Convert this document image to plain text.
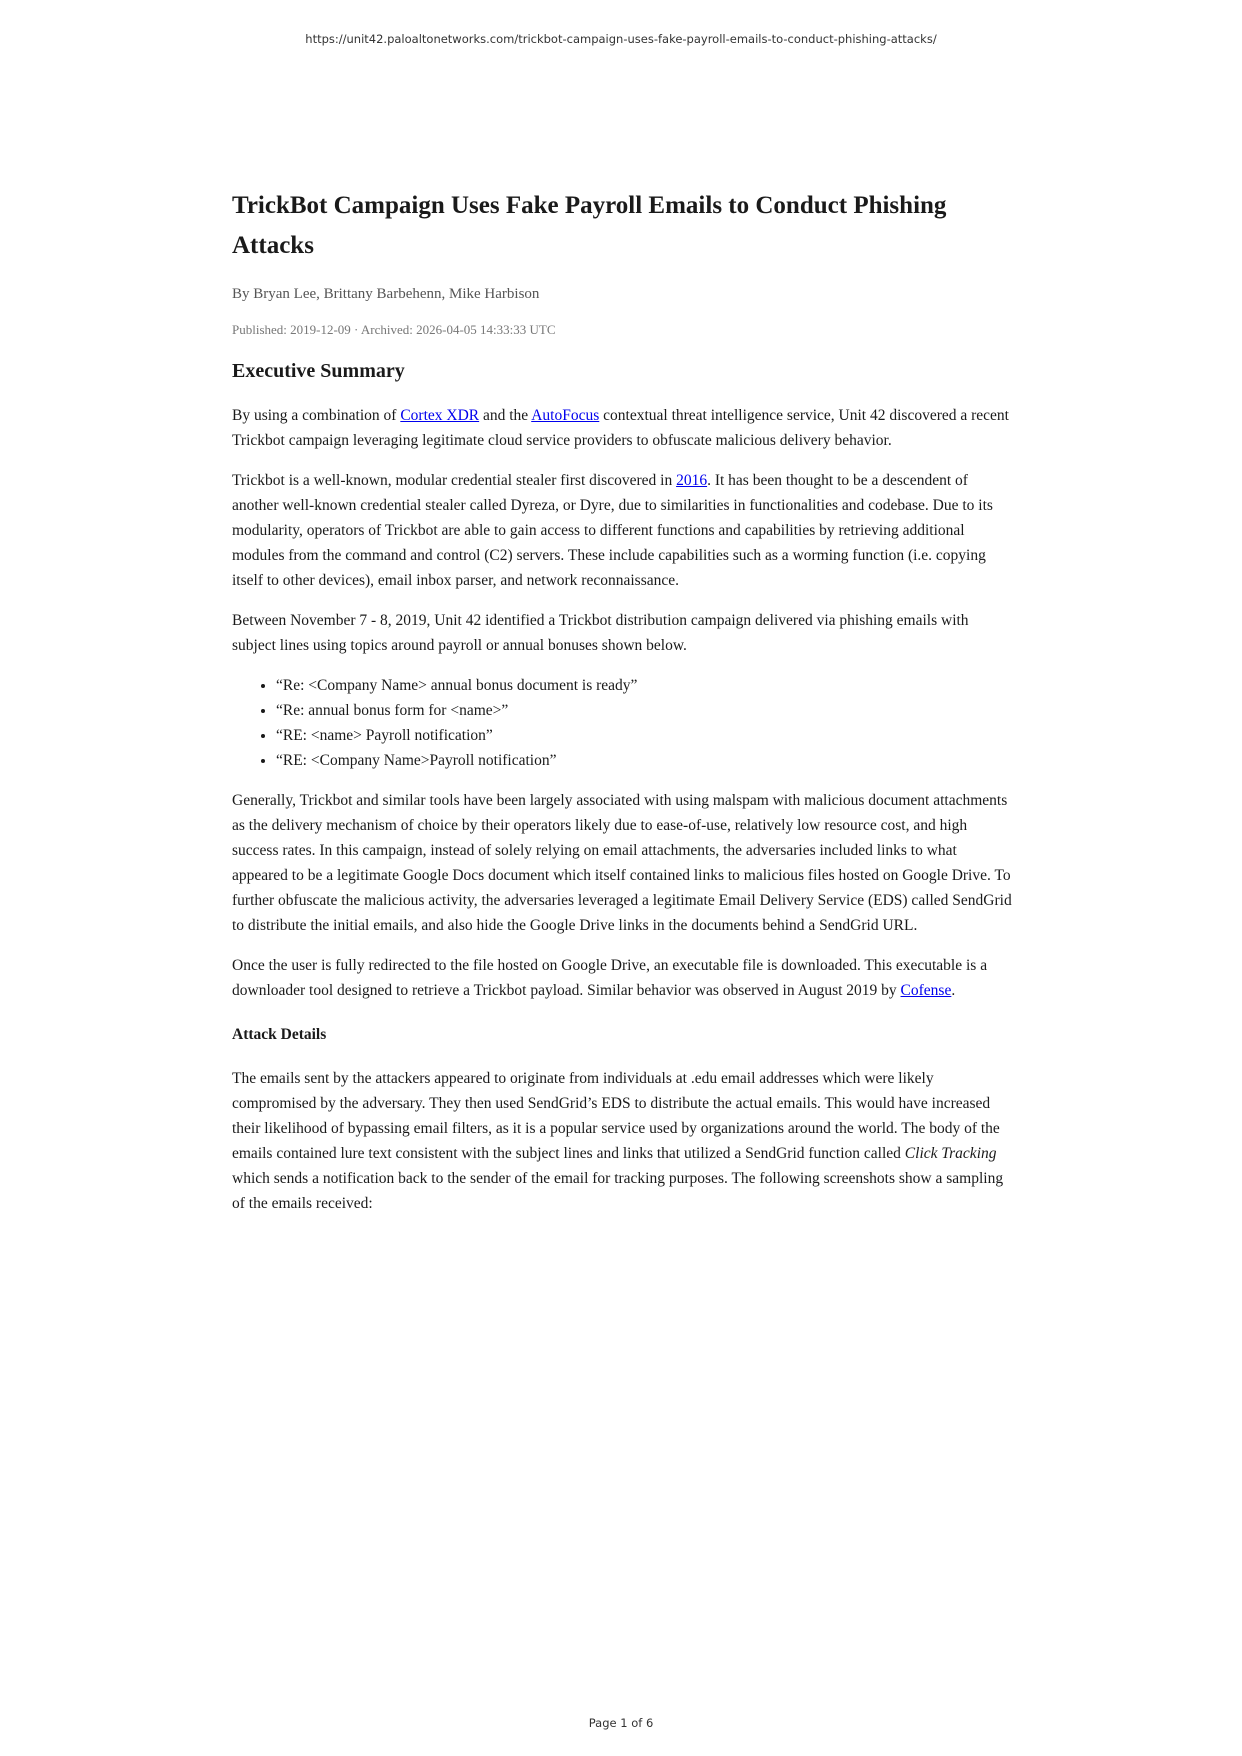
https://unit42.paloaltonetworks.com/trickbot-campaign-uses-fake-payroll-emails-to-conduct-phishing-attacks/
TrickBot Campaign Uses Fake Payroll Emails to Conduct Phishing Attacks
By Bryan Lee, Brittany Barbehenn, Mike Harbison
Published: 2019-12-09 · Archived: 2026-04-05 14:33:33 UTC
Executive Summary

By using a combination of Cortex XDR and the AutoFocus contextual threat intelligence service, Unit 42 discovered a recent Trickbot campaign leveraging legitimate cloud service providers to obfuscate malicious delivery behavior.

Trickbot is a well-known, modular credential stealer first discovered in 2016. It has been thought to be a descendent of another well-known credential stealer called Dyreza, or Dyre, due to similarities in functionalities and codebase. Due to its modularity, operators of Trickbot are able to gain access to different functions and capabilities by retrieving additional modules from the command and control (C2) servers. These include capabilities such as a worming function (i.e. copying itself to other devices), email inbox parser, and network reconnaissance.

Between November 7 - 8, 2019, Unit 42 identified a Trickbot distribution campaign delivered via phishing emails with subject lines using topics around payroll or annual bonuses shown below.

• “Re: <Company Name> annual bonus document is ready”
• “Re: annual bonus form for <name>”
• “RE: <name> Payroll notification”
• “RE: <Company Name>Payroll notification”

Generally, Trickbot and similar tools have been largely associated with using malspam with malicious document attachments as the delivery mechanism of choice by their operators likely due to ease-of-use, relatively low resource cost, and high success rates. In this campaign, instead of solely relying on email attachments, the adversaries included links to what appeared to be a legitimate Google Docs document which itself contained links to malicious files hosted on Google Drive. To further obfuscate the malicious activity, the adversaries leveraged a legitimate Email Delivery Service (EDS) called SendGrid to distribute the initial emails, and also hide the Google Drive links in the documents behind a SendGrid URL.

Once the user is fully redirected to the file hosted on Google Drive, an executable file is downloaded. This executable is a downloader tool designed to retrieve a Trickbot payload. Similar behavior was observed in August 2019 by Cofense.

Attack Details

The emails sent by the attackers appeared to originate from individuals at .edu email addresses which were likely compromised by the adversary. They then used SendGrid’s EDS to distribute the actual emails. This would have increased their likelihood of bypassing email filters, as it is a popular service used by organizations around the world. The body of the emails contained lure text consistent with the subject lines and links that utilized a SendGrid function called Click Tracking which sends a notification back to the sender of the email for tracking purposes. The following screenshots show a sampling of the emails received:

Page 1 of 6
